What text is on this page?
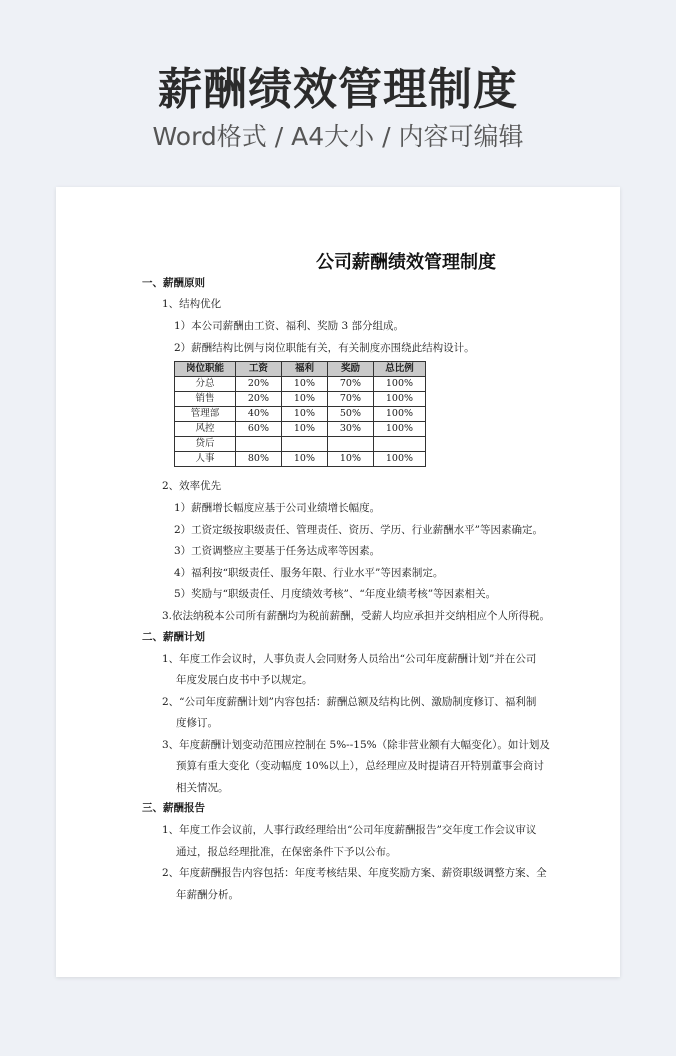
薪酬绩效管理制度
Word格式 / A4大小 / 内容可编辑
公司薪酬绩效管理制度
一、薪酬原则
1、结构优化
1）本公司薪酬由工资、福利、奖励 3 部分组成。
2）薪酬结构比例与岗位职能有关，有关制度亦围绕此结构设计。
岗位职能	工资	福利	奖励	总比例
分总	20%	10%	70%	100%
销售	20%	10%	70%	100%
管理部	40%	10%	50%	100%
风控	60%	10%	30%	100%
贷后				
人事	80%	10%	10%	100%
2、效率优先
1）薪酬增长幅度应基于公司业绩增长幅度。
2）工资定级按职级责任、管理责任、资历、学历、行业薪酬水平”等因素确定。
3）工资调整应主要基于任务达成率等因素。
4）福利按“职级责任、服务年限、行业水平”等因素制定。
5）奖励与“职级责任、月度绩效考核”、“年度业绩考核”等因素相关。
3.依法纳税本公司所有薪酬均为税前薪酬，受薪人均应承担并交纳相应个人所得税。
二、薪酬计划
1、年度工作会议时，人事负责人会同财务人员给出“公司年度薪酬计划”并在公司
年度发展白皮书中予以规定。
2、“公司年度薪酬计划”内容包括：薪酬总额及结构比例、激励制度修订、福利制
度修订。
3、年度薪酬计划变动范围应控制在 5%--15%（除非营业额有大幅变化）。如计划及
预算有重大变化（变动幅度 10%以上），总经理应及时提请召开特别董事会商讨
相关情况。
三、薪酬报告
1、年度工作会议前，人事行政经理给出“公司年度薪酬报告”交年度工作会议审议
通过，报总经理批准，在保密条件下予以公布。
2、年度薪酬报告内容包括：年度考核结果、年度奖励方案、薪资职级调整方案、全
年薪酬分析。
